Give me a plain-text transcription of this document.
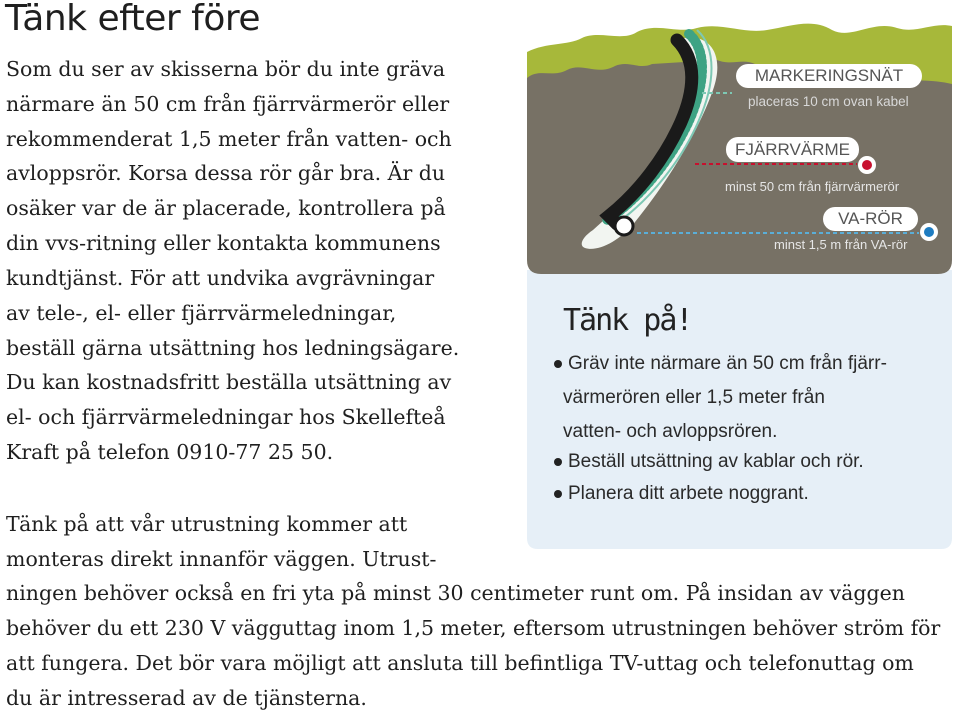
Tänk efter före
Som du ser av skisserna bör du inte gräva
närmare än 50 cm från fjärrvärmerör eller
rekommenderat 1,5 meter från vatten- och
avloppsrör. Korsa dessa rör går bra. Är du
osäker var de är placerade, kontrollera på
din vvs-ritning eller kontakta kommunens
kundtjänst. För att undvika avgrävningar
av tele-, el- eller fjärrvärmeledningar,
beställ gärna utsättning hos ledningsägare.
Du kan kostnadsfritt beställa utsättning av
el- och fjärrvärmeledningar hos Skellefteå
Kraft på telefon 0910-77 25 50.
Tänk på att vår utrustning kommer att
monteras direkt innanför väggen. Utrust-
ningen behöver också en fri yta på minst 30 centimeter runt om. På insidan av väggen
behöver du ett 230 V vägguttag inom 1,5 meter, eftersom utrustningen behöver ström för
att fungera. Det bör vara möjligt att ansluta till befintliga TV-uttag och telefonuttag om
du är intresserad av de tjänsterna.
MARKERINGSNÄT
placeras 10 cm ovan kabel
FJÄRRVÄRME
minst 50 cm från fjärrvärmerör
VA-RÖR
minst 1,5 m från VA-rör
Tänk på!
Gräv inte närmare än 50 cm från fjärr-
värmerören eller 1,5 meter från
vatten- och avloppsrören.
Beställ utsättning av kablar och rör.
Planera ditt arbete noggrant.
